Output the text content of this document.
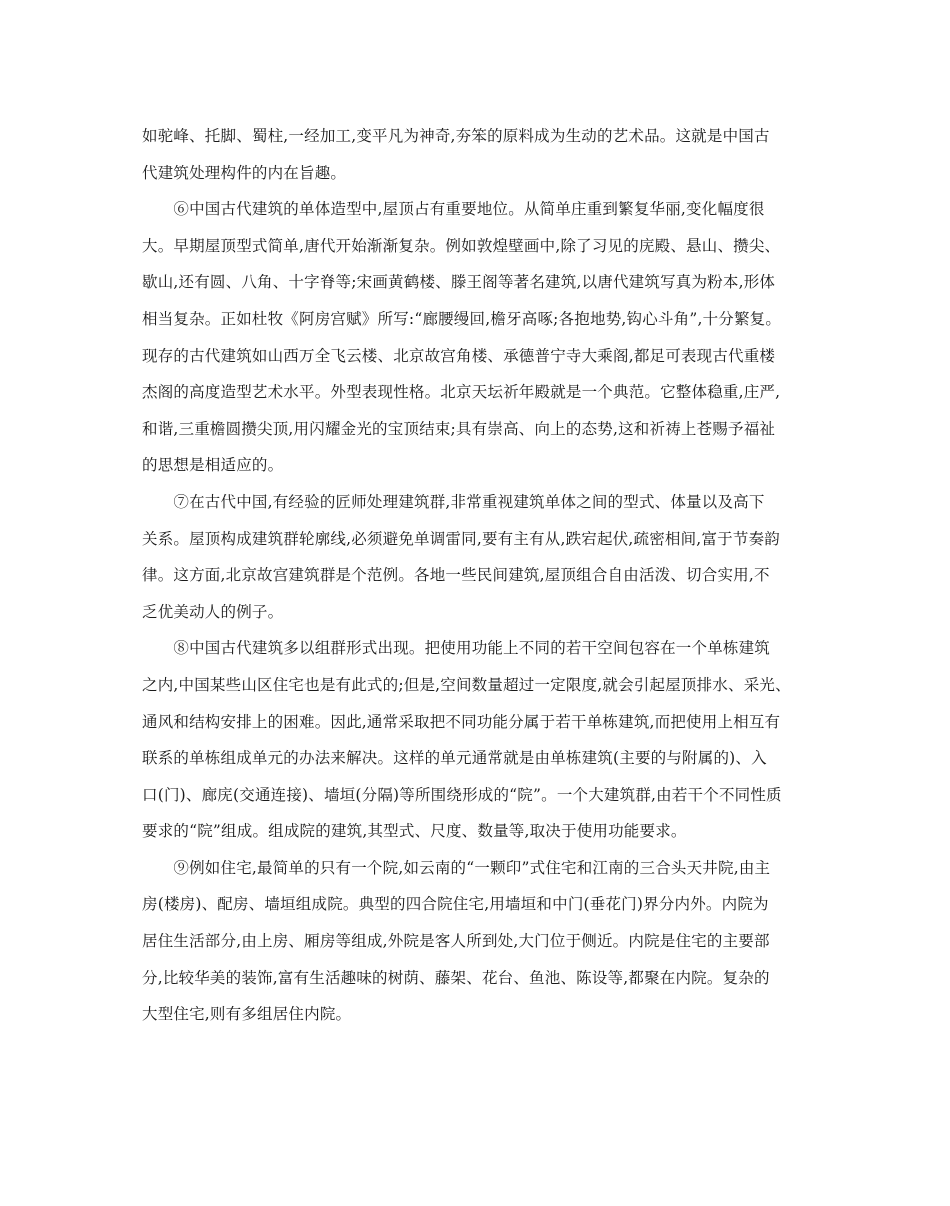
如驼峰、托脚、蜀柱,一经加工,变平凡为神奇,夯笨的原料成为生动的艺术品。这就是中国古
代建筑处理构件的内在旨趣。
　　⑥中国古代建筑的单体造型中,屋顶占有重要地位。从简单庄重到繁复华丽,变化幅度很
大。早期屋顶型式简单,唐代开始渐渐复杂。例如敦煌壁画中,除了习见的庑殿、悬山、攒尖、
歇山,还有圆、八角、十字脊等;宋画黄鹤楼、滕王阁等著名建筑,以唐代建筑写真为粉本,形体
相当复杂。正如杜牧《阿房宫赋》所写:“廊腰缦回,檐牙高啄;各抱地势,钩心斗角”,十分繁复。
现存的古代建筑如山西万全飞云楼、北京故宫角楼、承德普宁寺大乘阁,都足可表现古代重楼
杰阁的高度造型艺术水平。外型表现性格。北京天坛祈年殿就是一个典范。它整体稳重,庄严,
和谐,三重檐圆攒尖顶,用闪耀金光的宝顶结束;具有崇高、向上的态势,这和祈祷上苍赐予福祉
的思想是相适应的。
　　⑦在古代中国,有经验的匠师处理建筑群,非常重视建筑单体之间的型式、体量以及高下
关系。屋顶构成建筑群轮廓线,必须避免单调雷同,要有主有从,跌宕起伏,疏密相间,富于节奏韵
律。这方面,北京故宫建筑群是个范例。各地一些民间建筑,屋顶组合自由活泼、切合实用,不
乏优美动人的例子。
　　⑧中国古代建筑多以组群形式出现。把使用功能上不同的若干空间包容在一个单栋建筑
之内,中国某些山区住宅也是有此式的;但是,空间数量超过一定限度,就会引起屋顶排水、采光、
通风和结构安排上的困难。因此,通常采取把不同功能分属于若干单栋建筑,而把使用上相互有
联系的单栋组成单元的办法来解决。这样的单元通常就是由单栋建筑(主要的与附属的)、入
口(门)、廊庑(交通连接)、墙垣(分隔)等所围绕形成的“院”。一个大建筑群,由若干个不同性质
要求的“院”组成。组成院的建筑,其型式、尺度、数量等,取决于使用功能要求。
　　⑨例如住宅,最简单的只有一个院,如云南的“一颗印”式住宅和江南的三合头天井院,由主
房(楼房)、配房、墙垣组成院。典型的四合院住宅,用墙垣和中门(垂花门)界分内外。内院为
居住生活部分,由上房、厢房等组成,外院是客人所到处,大门位于侧近。内院是住宅的主要部
分,比较华美的装饰,富有生活趣味的树荫、藤架、花台、鱼池、陈设等,都聚在内院。复杂的
大型住宅,则有多组居住内院。
